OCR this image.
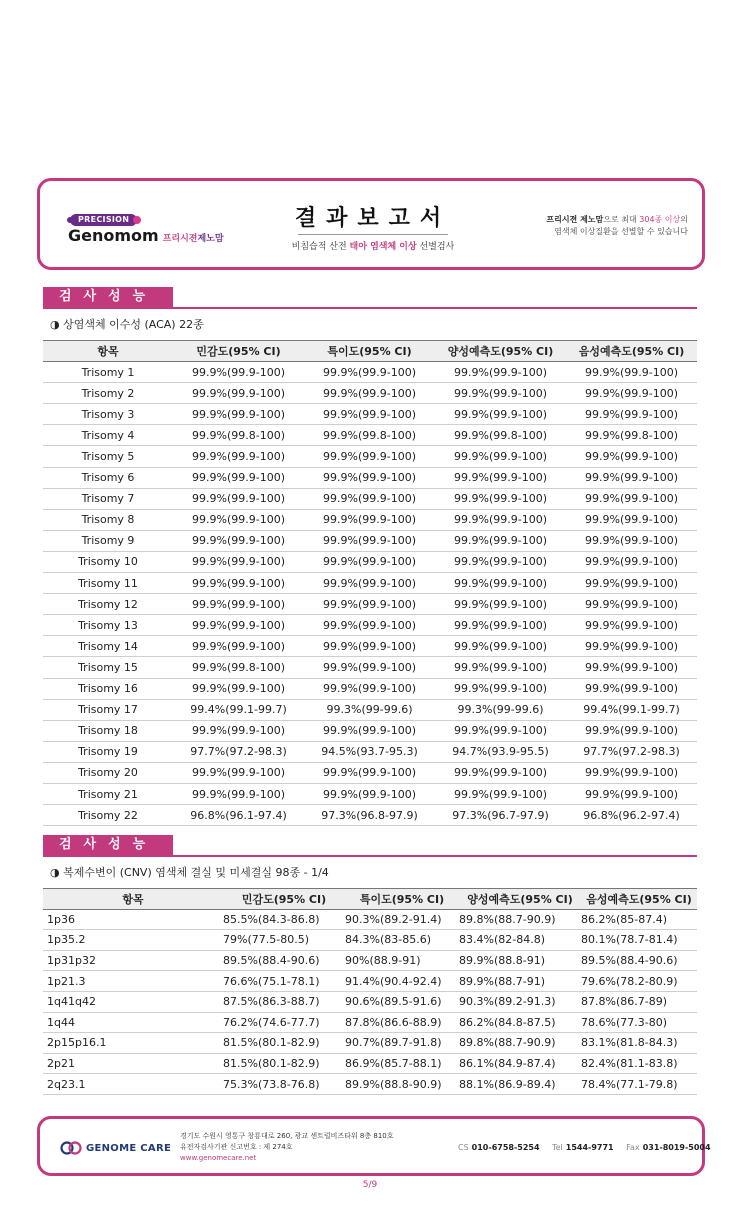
PRECISION
Genomom 프리시젼제노맘
결과보고서
비침습적 산전 태아 염색체 이상 선별검사
프리시젼 제노맘으로 최대 304종 이상의
염색체 이상질환을 선별할 수 있습니다
검사성능
◑ 상염색체 이수성 (ACA) 22종
항목	민감도(95% CI)	특이도(95% CI)	양성예측도(95% CI)	음성예측도(95% CI)
Trisomy 1	99.9%(99.9-100)	99.9%(99.9-100)	99.9%(99.9-100)	99.9%(99.9-100)
Trisomy 2	99.9%(99.9-100)	99.9%(99.9-100)	99.9%(99.9-100)	99.9%(99.9-100)
Trisomy 3	99.9%(99.9-100)	99.9%(99.9-100)	99.9%(99.9-100)	99.9%(99.9-100)
Trisomy 4	99.9%(99.8-100)	99.9%(99.8-100)	99.9%(99.8-100)	99.9%(99.8-100)
Trisomy 5	99.9%(99.9-100)	99.9%(99.9-100)	99.9%(99.9-100)	99.9%(99.9-100)
Trisomy 6	99.9%(99.9-100)	99.9%(99.9-100)	99.9%(99.9-100)	99.9%(99.9-100)
Trisomy 7	99.9%(99.9-100)	99.9%(99.9-100)	99.9%(99.9-100)	99.9%(99.9-100)
Trisomy 8	99.9%(99.9-100)	99.9%(99.9-100)	99.9%(99.9-100)	99.9%(99.9-100)
Trisomy 9	99.9%(99.9-100)	99.9%(99.9-100)	99.9%(99.9-100)	99.9%(99.9-100)
Trisomy 10	99.9%(99.9-100)	99.9%(99.9-100)	99.9%(99.9-100)	99.9%(99.9-100)
Trisomy 11	99.9%(99.9-100)	99.9%(99.9-100)	99.9%(99.9-100)	99.9%(99.9-100)
Trisomy 12	99.9%(99.9-100)	99.9%(99.9-100)	99.9%(99.9-100)	99.9%(99.9-100)
Trisomy 13	99.9%(99.9-100)	99.9%(99.9-100)	99.9%(99.9-100)	99.9%(99.9-100)
Trisomy 14	99.9%(99.9-100)	99.9%(99.9-100)	99.9%(99.9-100)	99.9%(99.9-100)
Trisomy 15	99.9%(99.8-100)	99.9%(99.9-100)	99.9%(99.9-100)	99.9%(99.9-100)
Trisomy 16	99.9%(99.9-100)	99.9%(99.9-100)	99.9%(99.9-100)	99.9%(99.9-100)
Trisomy 17	99.4%(99.1-99.7)	99.3%(99-99.6)	99.3%(99-99.6)	99.4%(99.1-99.7)
Trisomy 18	99.9%(99.9-100)	99.9%(99.9-100)	99.9%(99.9-100)	99.9%(99.9-100)
Trisomy 19	97.7%(97.2-98.3)	94.5%(93.7-95.3)	94.7%(93.9-95.5)	97.7%(97.2-98.3)
Trisomy 20	99.9%(99.9-100)	99.9%(99.9-100)	99.9%(99.9-100)	99.9%(99.9-100)
Trisomy 21	99.9%(99.9-100)	99.9%(99.9-100)	99.9%(99.9-100)	99.9%(99.9-100)
Trisomy 22	96.8%(96.1-97.4)	97.3%(96.8-97.9)	97.3%(96.7-97.9)	96.8%(96.2-97.4)
검사성능
◑ 복제수변이 (CNV) 염색체 결실 및 미세결실 98종 - 1/4
항목	민감도(95% CI)	특이도(95% CI)	양성예측도(95% CI)	음성예측도(95% CI)
1p36	85.5%(84.3-86.8)	90.3%(89.2-91.4)	89.8%(88.7-90.9)	86.2%(85-87.4)
1p35.2	79%(77.5-80.5)	84.3%(83-85.6)	83.4%(82-84.8)	80.1%(78.7-81.4)
1p31p32	89.5%(88.4-90.6)	90%(88.9-91)	89.9%(88.8-91)	89.5%(88.4-90.6)
1p21.3	76.6%(75.1-78.1)	91.4%(90.4-92.4)	89.9%(88.7-91)	79.6%(78.2-80.9)
1q41q42	87.5%(86.3-88.7)	90.6%(89.5-91.6)	90.3%(89.2-91.3)	87.8%(86.7-89)
1q44	76.2%(74.6-77.7)	87.8%(86.6-88.9)	86.2%(84.8-87.5)	78.6%(77.3-80)
2p15p16.1	81.5%(80.1-82.9)	90.7%(89.7-91.8)	89.8%(88.7-90.9)	83.1%(81.8-84.3)
2p21	81.5%(80.1-82.9)	86.9%(85.7-88.1)	86.1%(84.9-87.4)	82.4%(81.1-83.8)
2q23.1	75.3%(73.8-76.8)	89.9%(88.8-90.9)	88.1%(86.9-89.4)	78.4%(77.1-79.8)
GENOME CARE
경기도 수원시 영통구 창룡대로 260, 광교 센트럴비즈타워 8층 810호
유전자검사기관 신고번호 : 제 274호
www.genomecare.net
CS 010-6758-5254 Tel 1544-9771 Fax 031-8019-5004
5/9
